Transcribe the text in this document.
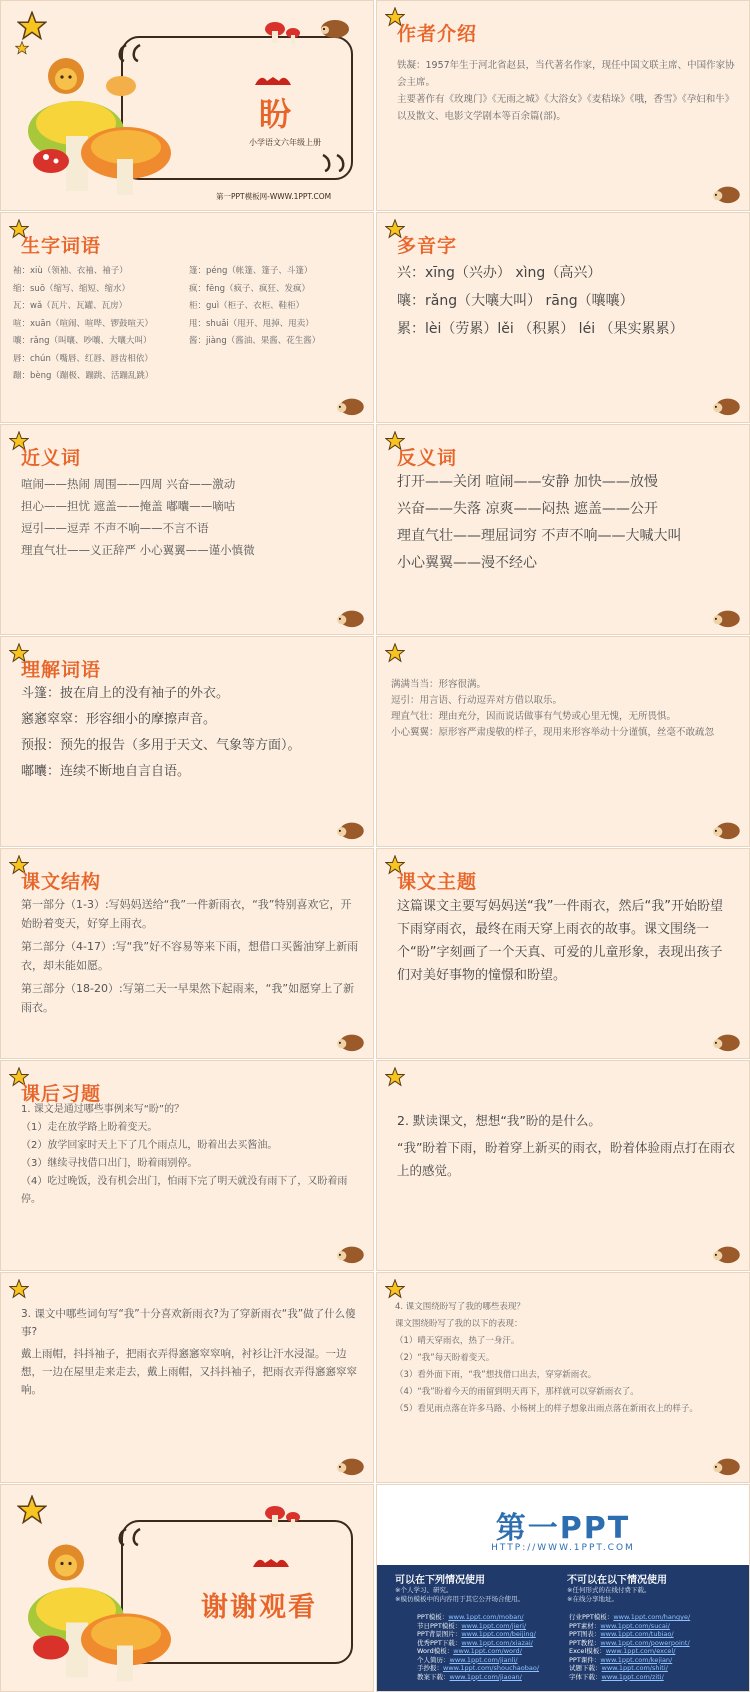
盼
小学语文六年级上册
第一PPT模板网-WWW.1PPT.COM
作者介绍

铁凝：1957年生于河北省赵县，当代著名作家，现任中国文联主席、中国作家协会主席。

主要著作有《玫瑰门》《无雨之城》《大浴女》《麦秸垛》《哦，香雪》《孕妇和牛》以及散文、电影文学剧本等百余篇(部)。

生字词语

袖：xiù（领袖、衣袖、袖子）

缩：suō（缩写、缩短、缩水）

瓦：wǎ（瓦片、瓦罐、瓦房）

喧：xuān（喧闹、喧哗、锣鼓喧天）

嚷：rǎng（叫嚷、吵嚷、大嚷大叫）

唇：chún（嘴唇、红唇、唇齿相依）

蹦：bèng（蹦极、蹦跳、活蹦乱跳）

篷：péng（帐篷、篷子、斗篷）

疯：fēng（疯子、疯狂、发疯）

柜：guì（柜子、衣柜、鞋柜）

甩：shuǎi（甩开、甩掉、甩卖）

酱：jiàng（酱油、果酱、花生酱）

多音字

兴：xīng（兴办） xìng（高兴）

嚷：rǎng（大嚷大叫） rāng（嚷嚷）

累：lèi（劳累）lěi （积累） léi （果实累累）

近义词

喧闹——热闹 周围——四周 兴奋——激动

担心——担忧 遮盖——掩盖 嘟囔——嘀咕

逗引——逗弄 不声不响——不言不语

理直气壮——义正辞严 小心翼翼——谨小慎微

反义词

打开——关闭 喧闹——安静 加快——放慢

兴奋——失落 凉爽——闷热 遮盖——公开

理直气壮——理屈词穷 不声不响——大喊大叫

小心翼翼——漫不经心

理解词语

斗篷：披在肩上的没有袖子的外衣。

窸窸窣窣：形容细小的摩擦声音。

预报：预先的报告（多用于天文、气象等方面）。

嘟囔：连续不断地自言自语。

满满当当：形容很满。

逗引：用言语、行动逗弄对方借以取乐。

理直气壮：理由充分，因而说话做事有气势或心里无愧，无所畏惧。

小心翼翼：原形容严肃虔敬的样子，现用来形容举动十分谨慎，丝毫不敢疏忽

课文结构

第一部分（1-3）:写妈妈送给“我”一件新雨衣，“我”特别喜欢它，开始盼着变天，好穿上雨衣。

第二部分（4-17）:写“我”好不容易等来下雨，想借口买酱油穿上新雨衣，却未能如愿。

第三部分（18-20）:写第二天一早果然下起雨来，“我”如愿穿上了新雨衣。

课文主题
这篇课文主要写妈妈送“我”一件雨衣，然后“我”开始盼望下雨穿雨衣，最终在雨天穿上雨衣的故事。课文围绕一个“盼”字刻画了一个天真、可爱的儿童形象，表现出孩子们对美好事物的憧憬和盼望。
课后习题

1. 课文是通过哪些事例来写“盼”的？

（1）走在放学路上盼着变天。

（2）放学回家时天上下了几个雨点儿，盼着出去买酱油。

（3）继续寻找借口出门，盼着雨别停。

（4）吃过晚饭，没有机会出门，怕雨下完了明天就没有雨下了，又盼着雨停。

2. 默读课文，想想“我”盼的是什么。

“我”盼着下雨，盼着穿上新买的雨衣，盼着体验雨点打在雨衣上的感觉。

3. 课文中哪些词句写“我”十分喜欢新雨衣?为了穿新雨衣“我”做了什么傻事?

戴上雨帽，抖抖袖子，把雨衣弄得窸窸窣窣响，衬衫让汗水浸湿。一边想，一边在屋里走来走去，戴上雨帽，又抖抖袖子，把雨衣弄得窸窸窣窣响。

4. 课文围绕盼写了我的哪些表现？

课文围绕盼写了我的以下的表现：

（1）晴天穿雨衣，热了一身汗。

（2）“我”每天盼着变天。

（3）看外面下雨，“我”想找借口出去，穿穿新雨衣。

（4）“我”盼着今天的雨留到明天再下，那样就可以穿新雨衣了。

（5）看见雨点落在许多马路、小杨树上的样子想象出雨点落在新雨衣上的样子。

谢谢观看
第一PPT
HTTP://WWW.1PPT.COM
可以在下列情况使用
※个人学习、研究。
※模仿模板中的内容用于其它公开场合使用。
不可以在以下情况使用
※任何形式的在线付费下载。
※在线分享地址。
PPT模板：www.1ppt.com/moban/
节日PPT模板：www.1ppt.com/jieri/
PPT背景图片：www.1ppt.com/beijing/
优秀PPT下载：www.1ppt.com/xiazai/
Word模板：www.1ppt.com/word/
个人简历：www.1ppt.com/jianli/
手抄报：www.1ppt.com/shouchaobao/
教案下载：www.1ppt.com/jiaoan/
行业PPT模板：www.1ppt.com/hangye/
PPT素材：www.1ppt.com/sucai/
PPT图表：www.1ppt.com/tubiao/
PPT教程：www.1ppt.com/powerpoint/
Excel模板：www.1ppt.com/excel/
PPT课件：www.1ppt.com/kejian/
试题下载：www.1ppt.com/shiti/
字体下载：www.1ppt.com/ziti/
